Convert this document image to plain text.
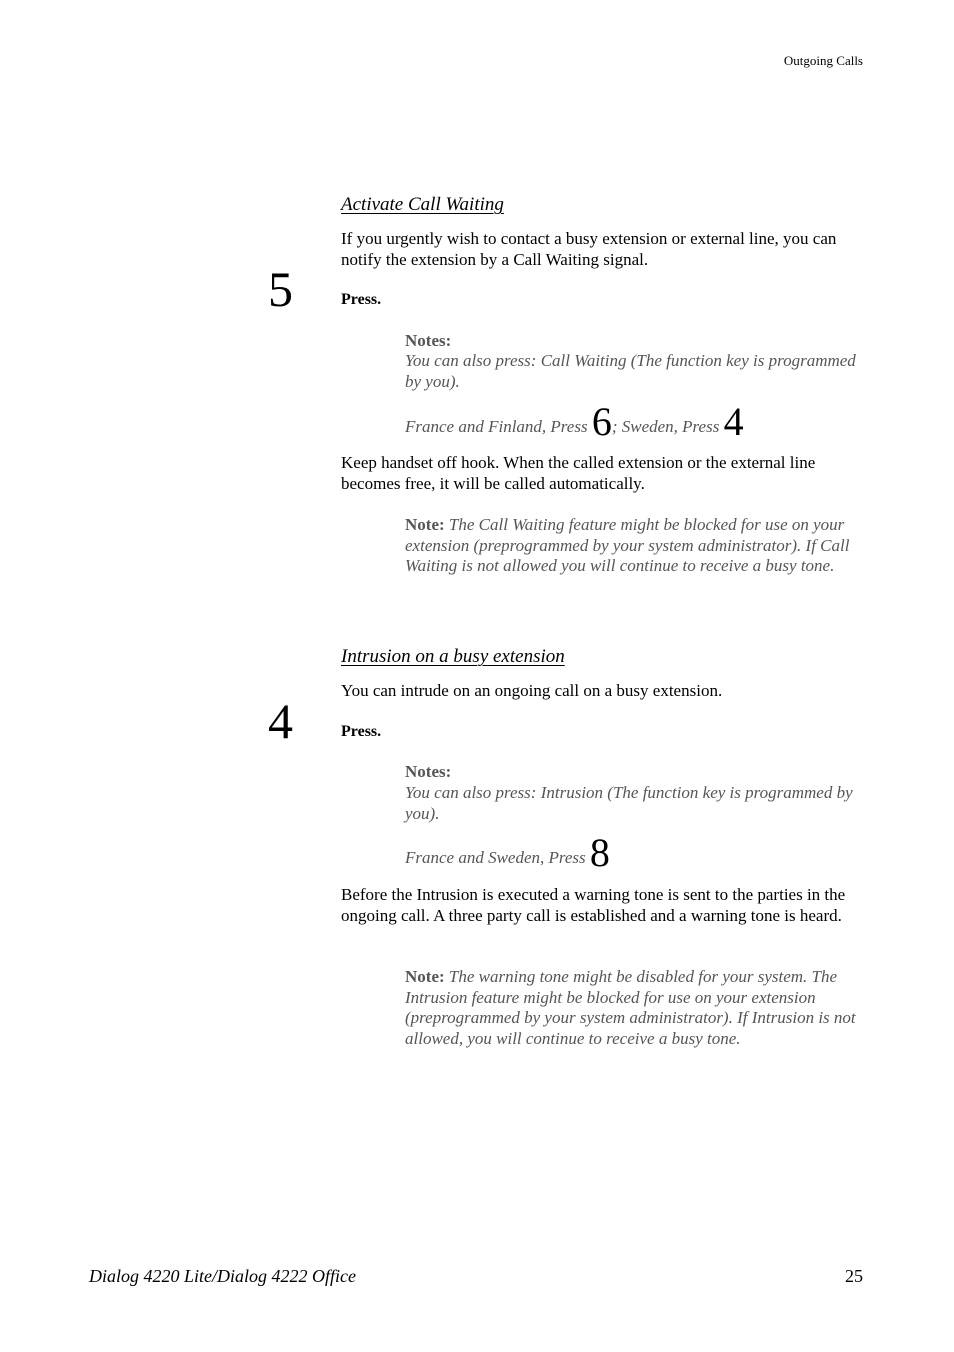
Outgoing Calls
Activate Call Waiting
If you urgently wish to contact a busy extension or external line, you can notify the extension by a Call Waiting signal.
5	Press.
Notes:
You can also press: Call Waiting (The function key is programmed by you).
France and Finland, Press 6; Sweden, Press 4
Keep handset off hook. When the called extension or the external line becomes free, it will be called automatically.
Note: The Call Waiting feature might be blocked for use on your extension (preprogrammed by your system administrator). If Call Waiting is not allowed you will continue to receive a busy tone.
Intrusion on a busy extension
You can intrude on an ongoing call on a busy extension.
4	Press.
Notes:
You can also press: Intrusion (The function key is programmed by you).
France and Sweden, Press 8
Before the Intrusion is executed a warning tone is sent to the parties in the ongoing call. A three party call is established and a warning tone is heard.
Note: The warning tone might be disabled for your system. The Intrusion feature might be blocked for use on your extension (preprogrammed by your system administrator). If Intrusion is not allowed, you will continue to receive a busy tone.
Dialog 4220 Lite/Dialog 4222 Office	25
